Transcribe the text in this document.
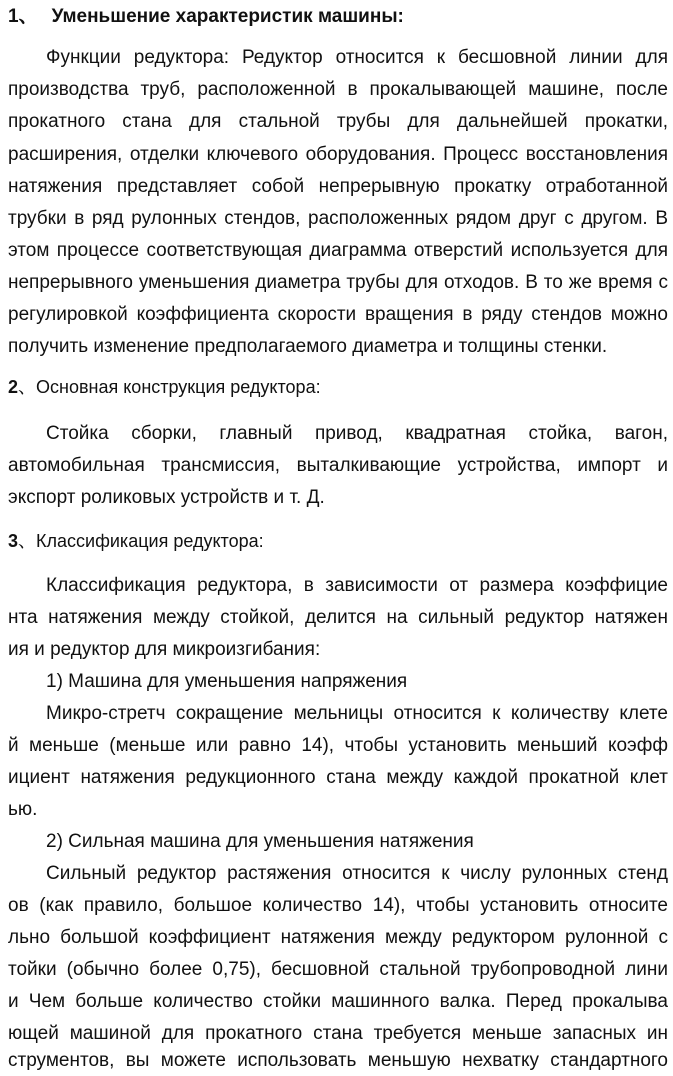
1、 Уменьшение характеристик машины:
Функции редуктора: Редуктор относится к бесшовной линии для
производства труб, расположенной в прокалывающей машине, после
прокатного стана для стальной трубы для дальнейшей прокатки,
расширения, отделки ключевого оборудования. Процесс восстановления
натяжения представляет собой непрерывную прокатку отработанной
трубки в ряд рулонных стендов, расположенных рядом друг с другом. В
этом процессе соответствующая диаграмма отверстий используется для
непрерывного уменьшения диаметра трубы для отходов. В то же время с
регулировкой коэффициента скорости вращения в ряду стендов можно
получить изменение предполагаемого диаметра и толщины стенки.
2、Основная конструкция редуктора:
Стойка сборки, главный привод, квадратная стойка, вагон,
автомобильная трансмиссия, выталкивающие устройства, импорт и
экспорт роликовых устройств и т. Д.
3、Классификация редуктора:
Классификация редуктора, в зависимости от размера коэффицие
нта натяжения между стойкой, делится на сильный редуктор натяжен
ия и редуктор для микроизгибания:
1) Машина для уменьшения напряжения
Микро-стретч сокращение мельницы относится к количеству клете
й меньше (меньше или равно 14), чтобы установить меньший коэфф
ициент натяжения редукционного стана между каждой прокатной клет
ью.
2) Сильная машина для уменьшения натяжения
Сильный редуктор растяжения относится к числу рулонных стенд
ов (как правило, большое количество 14), чтобы установить относите
льно большой коэффициент натяжения между редуктором рулонной с
тойки (обычно более 0,75), бесшовной стальной трубопроводной лини
и Чем больше количество стойки машинного валка. Перед прокалыва
ющей машиной для прокатного стана требуется меньше запасных ин
струментов, вы можете использовать меньшую нехватку стандартного
